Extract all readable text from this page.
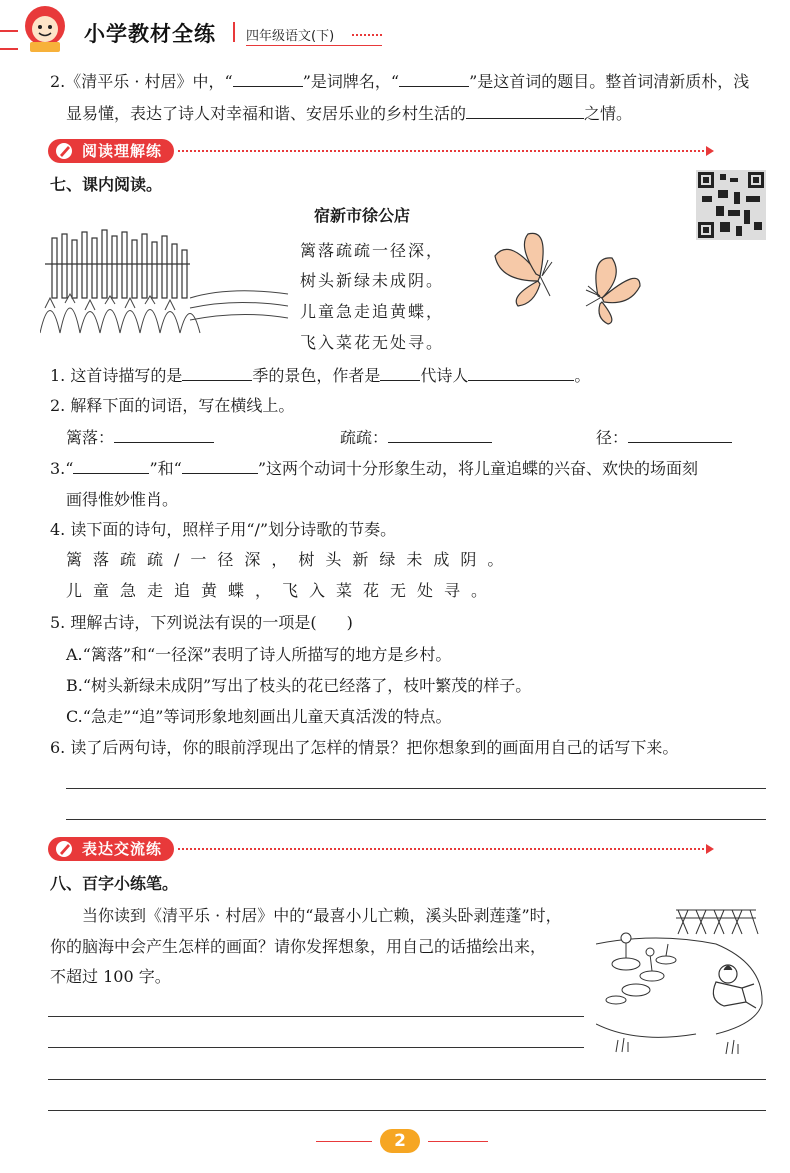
小学教材全练 四年级语文(下)
2.《清平乐 · 村居》中，“	”是词牌名，“	”是这首词的题目。整首词清新质朴，浅
显易懂，表达了诗人对幸福和谐、安居乐业的乡村生活的	之情。
阅读理解练
七、课内阅读。
宿新市徐公店
篱落疏疏一径深，
树头新绿未成阴。
儿童急走追黄蝶，
飞入菜花无处寻。
1. 这首诗描写的是	季的景色，作者是	代诗人	。
2. 解释下面的词语，写在横线上。
篱落：	疏疏：	径：
3.“	”和“	”这两个动词十分形象生动，将儿童追蝶的兴奋、欢快的场面刻
画得惟妙惟肖。
4. 读下面的诗句，照样子用“/”划分诗歌的节奏。
篱落疏疏/一径深，树头新绿未成阴。
儿童急走追黄蝶，飞入菜花无处寻。
5. 理解古诗，下列说法有误的一项是( )
A.“篱落”和“一径深”表明了诗人所描写的地方是乡村。
B.“树头新绿未成阴”写出了枝头的花已经落了，枝叶繁茂的样子。
C.“急走”“追”等词形象地刻画出儿童天真活泼的特点。
6. 读了后两句诗，你的眼前浮现出了怎样的情景？把你想象到的画面用自己的话写下来。
表达交流练
八、百字小练笔。
当你读到《清平乐 · 村居》中的“最喜小儿亡赖，溪头卧剥莲蓬”时，
你的脑海中会产生怎样的画面？请你发挥想象，用自己的话描绘出来，
不超过 100 字。
2
